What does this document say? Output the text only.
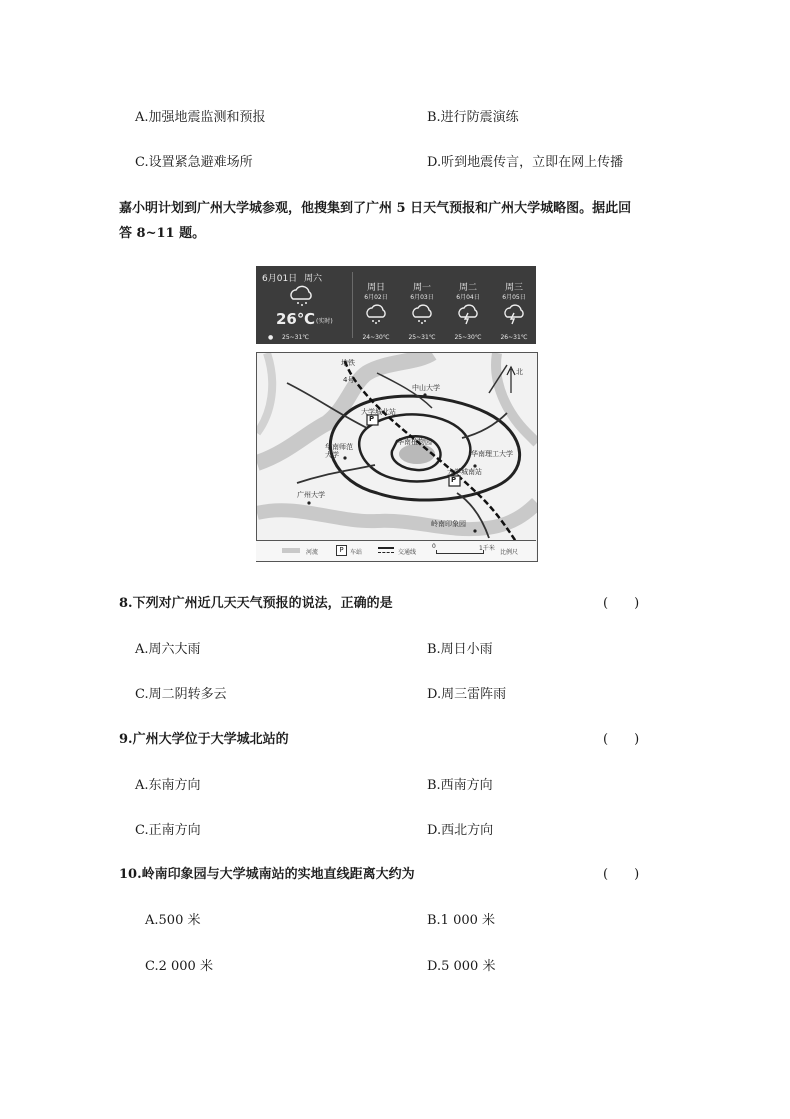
A.加强地震监测和预报	B.进行防震演练
C.设置紧急避难场所	D.听到地震传言，立即在网上传播
嘉小明计划到广州大学城参观，他搜集到了广州 5 日天气预报和广州大学城略图。据此回
答 8~11 题。
6月01日 周六
26℃ (实时)
● 25~31℃
周日
6月02日
24~30℃
周一
6月03日
25~31℃
周二
6月04日
25~30℃
周三
6月05日
26~31℃
地铁
4号
中山大学
大学城北站
P
华南师范大学
华南植物园
华南理工大学
大学城南站
P
广州大学
岭南印象园
北
河流	P	车站	交通线
0	1千米
比例尺
8.下列对广州近几天天气预报的说法，正确的是	(　　)
A.周六大雨	B.周日小雨
C.周二阴转多云	D.周三雷阵雨
9.广州大学位于大学城北站的	(　　)
A.东南方向	B.西南方向
C.正南方向	D.西北方向
10.岭南印象园与大学城南站的实地直线距离大约为	(　　)
A.500 米	B.1 000 米
C.2 000 米	D.5 000 米
